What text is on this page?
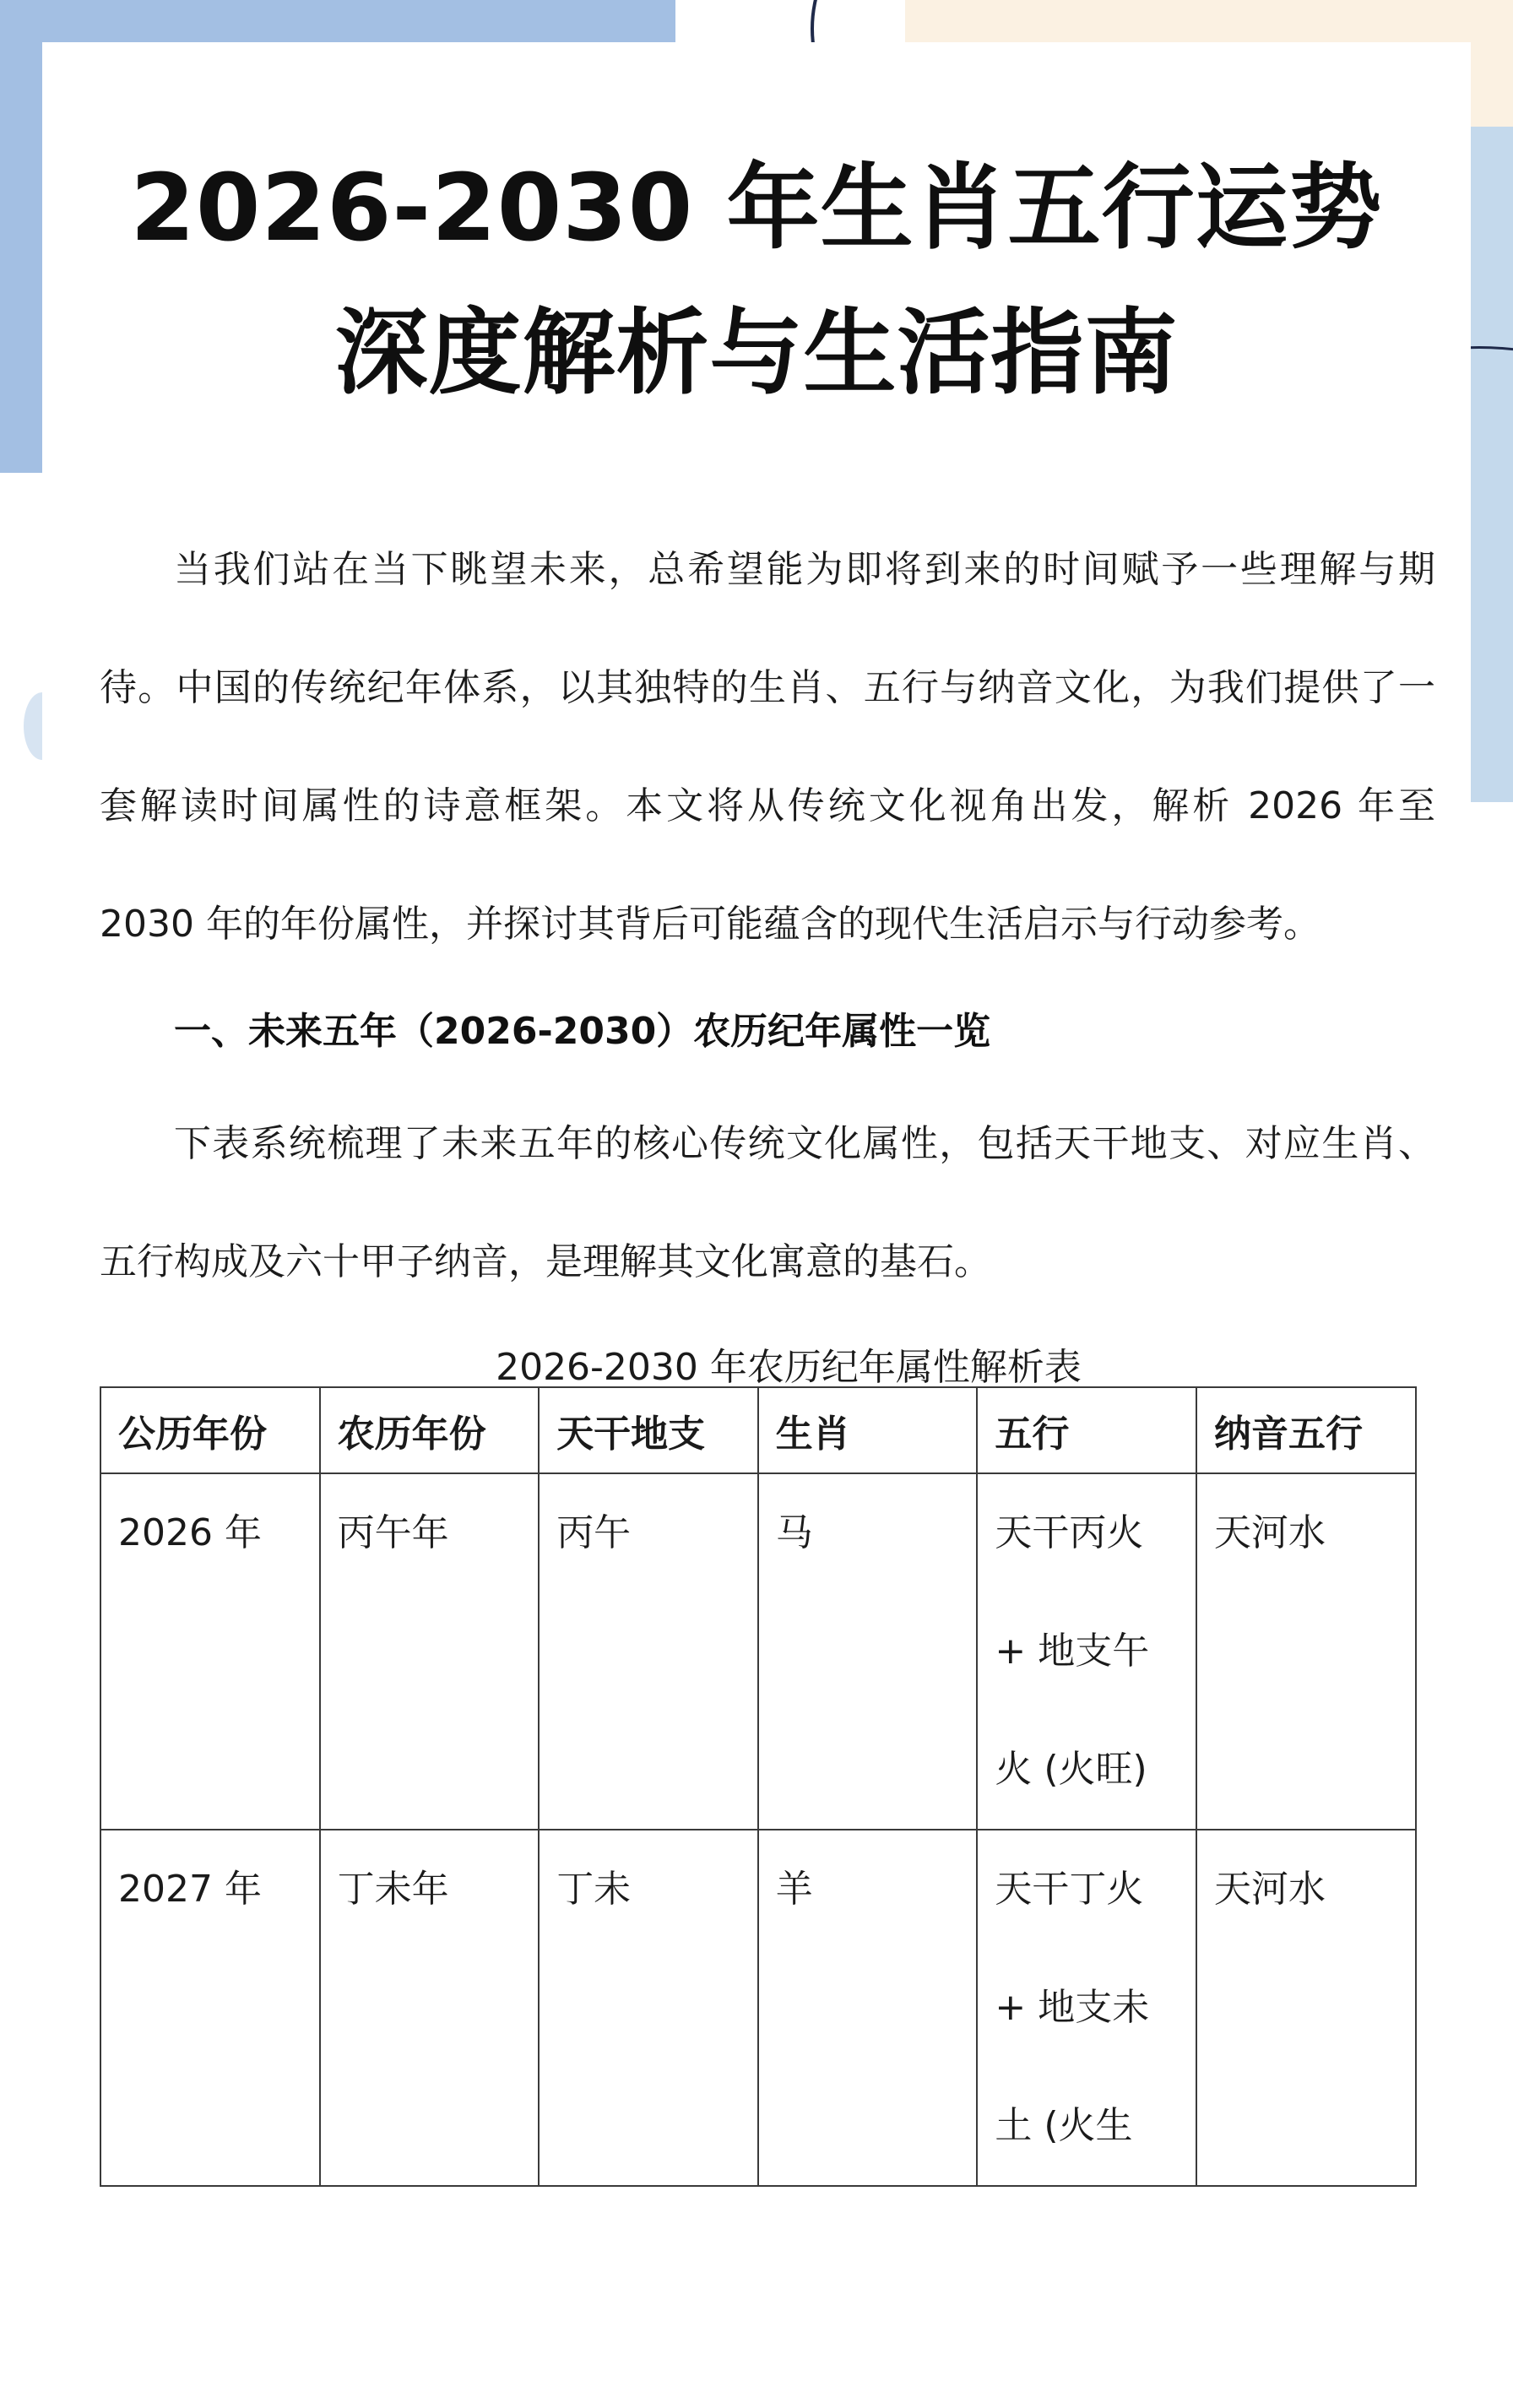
2026-2030 年生肖五行运势深度解析与生活指南

当我们站在当下眺望未来，总希望能为即将到来的时间赋予一些理解与期待。中国的传统纪年体系，以其独特的生肖、五行与纳音文化，为我们提供了一套解读时间属性的诗意框架。本文将从传统文化视角出发，解析 2026 年至 2030 年的年份属性，并探讨其背后可能蕴含的现代生活启示与行动参考。

一、未来五年（2026-2030）农历纪年属性一览

下表系统梳理了未来五年的核心传统文化属性，包括天干地支、对应生肖、五行构成及六十甲子纳音，是理解其文化寓意的基石。

2026-2030 年农历纪年属性解析表
公历年份	农历年份	天干地支	生肖	五行	纳音五行
2026 年	丙午年	丙午	马	天干丙火 + 地支午火 (火旺)	天河水
2027 年	丁未年	丁未	羊	天干丁火 + 地支未土 (火生	天河水
